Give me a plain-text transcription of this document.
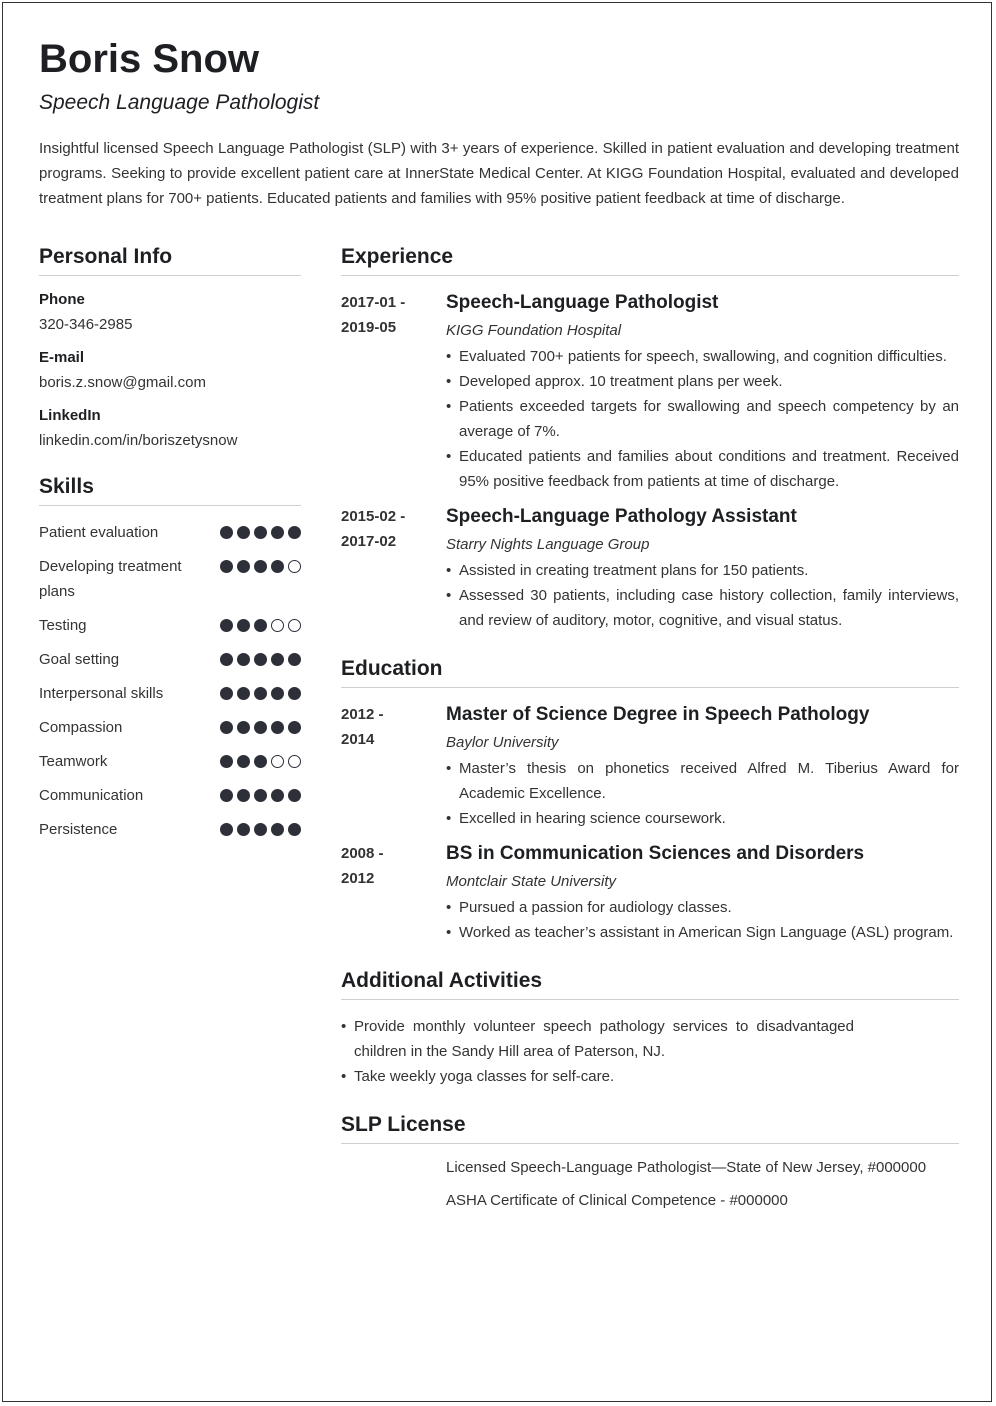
Boris Snow
Speech Language Pathologist

Insightful licensed Speech Language Pathologist (SLP) with 3+ years of experience. Skilled in patient evaluation and developing treatment programs. Seeking to provide excellent patient care at InnerState Medical Center. At KIGG Foundation Hospital, evaluated and developed treatment plans for 700+ patients. Educated patients and families with 95% positive patient feedback at time of discharge.

Personal Info
Phone
320-346-2985
E-mail
boris.z.snow@gmail.com
LinkedIn
linkedin.com/in/boriszetysnow
Skills
Patient evaluation
Developing treatment plans
Testing
Goal setting
Interpersonal skills
Compassion
Teamwork
Communication
Persistence
Experience
2017-01 -
2019-05
Speech-Language Pathologist
KIGG Foundation Hospital
• Evaluated 700+ patients for speech, swallowing, and cognition difficulties.
• Developed approx. 10 treatment plans per week.
• Patients exceeded targets for swallowing and speech competency by an average of 7%.
• Educated patients and families about conditions and treatment. Received 95% positive feedback from patients at time of discharge.
2015-02 -
2017-02
Speech-Language Pathology Assistant
Starry Nights Language Group
• Assisted in creating treatment plans for 150 patients.
• Assessed 30 patients, including case history collection, family interviews, and review of auditory, motor, cognitive, and visual status.
Education
2012 -
2014
Master of Science Degree in Speech Pathology
Baylor University
• Master’s thesis on phonetics received Alfred M. Tiberius Award for Academic Excellence.
• Excelled in hearing science coursework.
2008 -
2012
BS in Communication Sciences and Disorders
Montclair State University
• Pursued a passion for audiology classes.
• Worked as teacher’s assistant in American Sign Language (ASL) program.
Additional Activities
• Provide monthly volunteer speech pathology services to disadvantaged children in the Sandy Hill area of Paterson, NJ.
• Take weekly yoga classes for self-care.
SLP License

Licensed Speech-Language Pathologist—State of New Jersey, #000000

ASHA Certificate of Clinical Competence - #000000
